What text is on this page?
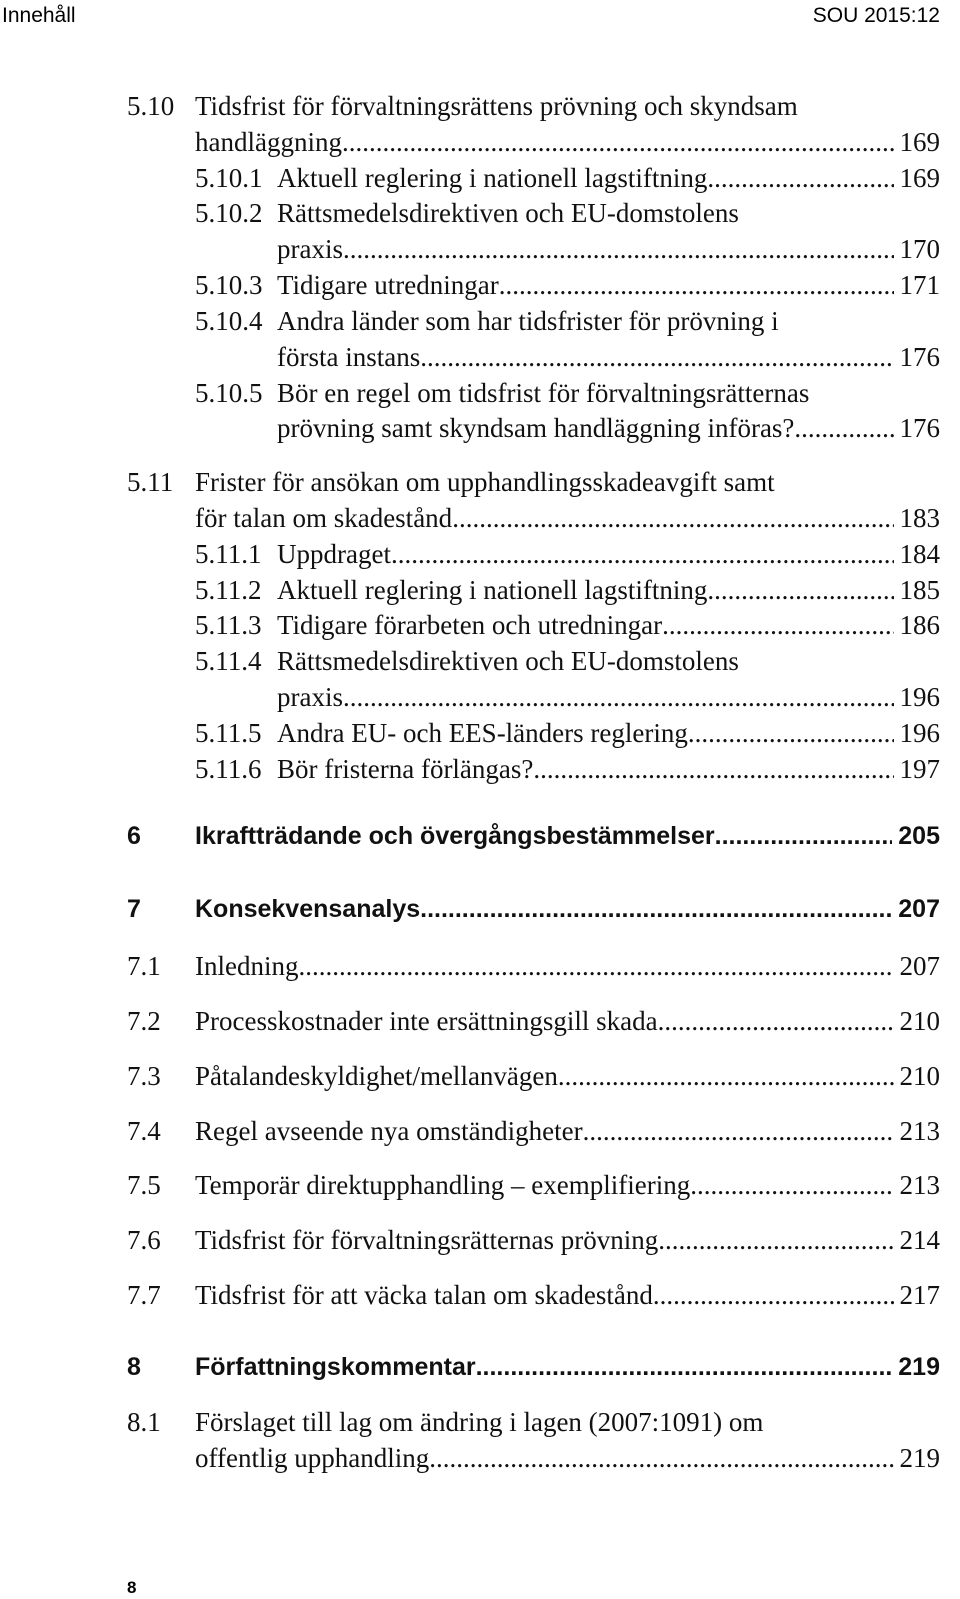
Innehåll	SOU 2015:12
5.10 Tidsfrist för förvaltningsrättens prövning och skyndsam
handläggning .....	169
5.10.1 Aktuell reglering i nationell lagstiftning .....	169
5.10.2 Rättsmedelsdirektiven och EU-domstolens
praxis .....	170
5.10.3 Tidigare utredningar .....	171
5.10.4 Andra länder som har tidsfrister för prövning i
första instans .....	176
5.10.5 Bör en regel om tidsfrist för förvaltningsrätternas
prövning samt skyndsam handläggning införas? .....	176
5.11 Frister för ansökan om upphandlingsskadeavgift samt
för talan om skadestånd .....	183
5.11.1 Uppdraget .....	184
5.11.2 Aktuell reglering i nationell lagstiftning .....	185
5.11.3 Tidigare förarbeten och utredningar .....	186
5.11.4 Rättsmedelsdirektiven och EU-domstolens
praxis .....	196
5.11.5 Andra EU- och EES-länders reglering .....	196
5.11.6 Bör fristerna förlängas? .....	197
6 Ikraftträdande och övergångsbestämmelser .....	205
7 Konsekvensanalys .....	207
7.1 Inledning .....	207
7.2 Processkostnader inte ersättningsgill skada .....	210
7.3 Påtalandeskyldighet/mellanvägen .....	210
7.4 Regel avseende nya omständigheter .....	213
7.5 Temporär direktupphandling – exemplifiering .....	213
7.6 Tidsfrist för förvaltningsrätternas prövning .....	214
7.7 Tidsfrist för att väcka talan om skadestånd .....	217
8 Författningskommentar .....	219
8.1 Förslaget till lag om ändring i lagen (2007:1091) om
offentlig upphandling .....	219
8
